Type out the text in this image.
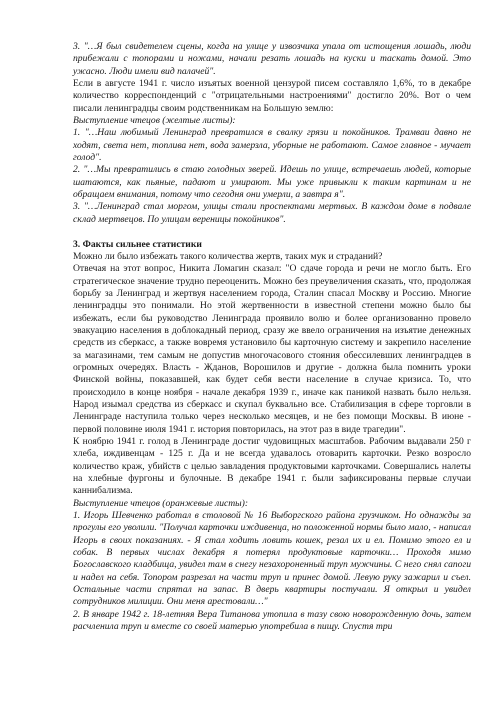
3. "…Я был свидетелем сцены, когда на улице у извозчика упала от истощения лошадь, люди прибежали с топорами и ножами, начали резать лошадь на куски и таскать домой. Это ужасно. Люди имели вид палачей".

Если в августе 1941 г. число изъятых военной цензурой писем составляло 1,6%, то в декабре количество корреспонденций с "отрицательными настроениями" достигло 20%. Вот о чем писали ленинградцы своим родственникам на Большую землю:

Выступление чтецов (желтые листы):

1. "…Наш любимый Ленинград превратился в свалку грязи и покойников. Трамваи давно не ходят, света нет, топлива нет, вода замерзла, уборные не работают. Самое главное - мучает голод".

2. "…Мы превратились в стаю голодных зверей. Идешь по улице, встречаешь людей, которые шатаются, как пьяные, падают и умирают. Мы уже привыкли к таким картинам и не обращаем внимания, потому что сегодня они умерли, а завтра я".

3. "…Ленинград стал моргом, улицы стали проспектами мертвых. В каждом доме в подвале склад мертвецов. По улицам вереницы покойников".

3. Факты сильнее статистики

Можно ли было избежать такого количества жертв, таких мук и страданий?

Отвечая на этот вопрос, Никита Ломагин сказал: "О сдаче города и речи не могло быть. Его стратегическое значение трудно переоценить. Можно без преувеличения сказать, что, продолжая борьбу за Ленинград и жертвуя населением города, Сталин спасал Москву и Россию. Многие ленинградцы это понимали. Но этой жертвенности в известной степени можно было бы избежать, если бы руководство Ленинграда проявило волю и более организованно провело эвакуацию населения в доблокадный период, сразу же ввело ограничения на изъятие денежных средств из сберкасс, а также вовремя установило бы карточную систему и закрепило население за магазинами, тем самым не допустив многочасового стояния обессилевших ленинградцев в огромных очередях. Власть - Жданов, Ворошилов и другие - должна была помнить уроки Финской войны, показавшей, как будет себя вести население в случае кризиса. То, что происходило в конце ноября - начале декабря 1939 г., иначе как паникой назвать было нельзя. Народ изымал средства из сберкасс и скупал буквально все. Стабилизация в сфере торговли в Ленинграде наступила только через несколько месяцев, и не без помощи Москвы. В июне - первой половине июля 1941 г. история повторилась, на этот раз в виде трагедии".

К ноябрю 1941 г. голод в Ленинграде достиг чудовищных масштабов. Рабочим выдавали 250 г хлеба, иждивенцам - 125 г. Да и не всегда удавалось отоварить карточки. Резко возросло количество краж, убийств с целью завладения продуктовыми карточками. Совершались налеты на хлебные фургоны и булочные. В декабре 1941 г. были зафиксированы первые случаи каннибализма.

Выступление чтецов (оранжевые листы):

1. Игорь Шевченко работал в столовой № 16 Выборгского района грузчиком. Но однажды за прогулы его уволили. "Получал карточки иждивенца, но положенной нормы было мало, - написал Игорь в своих показаниях. - Я стал ходить ловить кошек, резал их и ел. Помимо этого ел и собак. В первых числах декабря я потерял продуктовые карточки… Проходя мимо Богославского кладбища, увидел там в снегу незахороненный труп мужчины. С него снял сапоги и надел на себя. Топором разрезал на части труп и принес домой. Левую руку зажарил и съел. Остальные части спрятал на запас. В дверь квартиры постучали. Я открыл и увидел сотрудников милиции. Они меня арестовали…"

2. В январе 1942 г. 18-летняя Вера Титанова утопила в тазу свою новорожденную дочь, затем расчленила труп и вместе со своей матерью употребила в пищу. Спустя три
